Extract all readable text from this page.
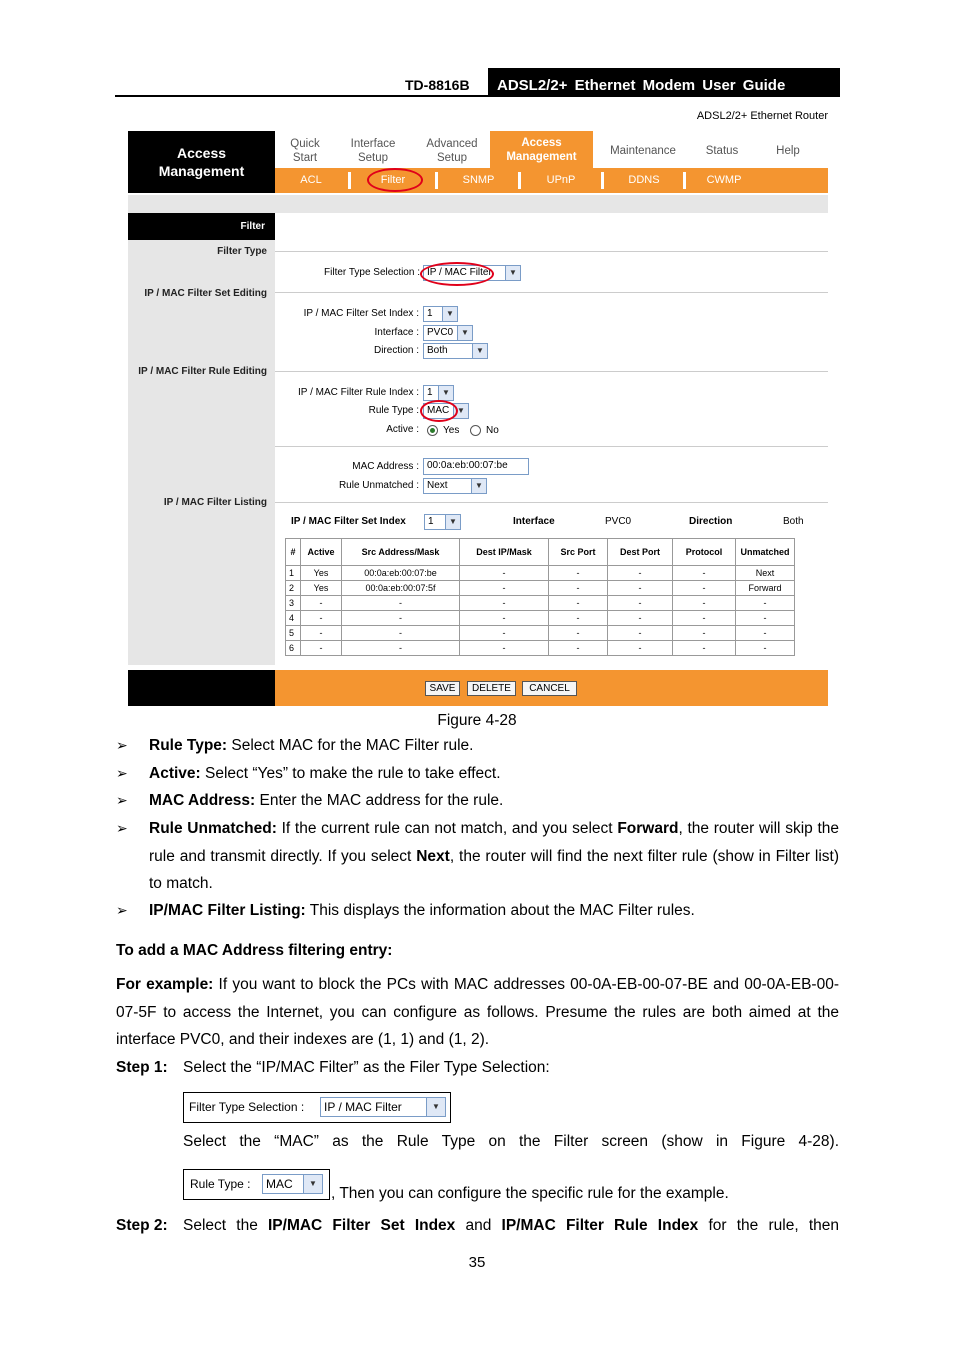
TD-8816B	ADSL2/2+ Ethernet Modem User Guide
ADSL2/2+ Ethernet Router
Access
Management
Quick
Start
Interface
Setup
Advanced
Setup
Access
Management	Maintenance	Status	Help
ACL	Filter	SNMP	UPnP	DDNS	CWMP
Filter
Filter Type
IP / MAC Filter Set Editing
IP / MAC Filter Rule Editing
IP / MAC Filter Listing
Filter Type Selection : IP / MAC Filter	▼
IP / MAC Filter Set Index : 1	▼
Interface : PVC0 ▼
Direction : Both	▼
IP / MAC Filter Rule Index : 1	▼
Rule Type : MAC ▼
Active : Yes	No
MAC Address : 00:0a:eb:00:07:be
Rule Unmatched : Next	▼
IP / MAC Filter Set Index	1	▼	Interface	PVC0	Direction	Both
#	Active	Src Address/Mask	Dest IP/Mask	Src Port	Dest Port	Protocol	Unmatched
1	Yes	00:0a:eb:00:07:be	-	-	-	-	Next
2	Yes	00:0a:eb:00:07:5f	-	-	-	-	Forward
3	-	-	-	-	-	-	-
4	-	-	-	-	-	-	-
5	-	-	-	-	-	-	-
6	-	-	-	-	-	-	-
SAVE	DELETE	CANCEL
Figure 4-28
➢ Rule Type: Select MAC for the MAC Filter rule.
➢ Active: Select “Yes” to make the rule to take effect.
➢ MAC Address: Enter the MAC address for the rule.
➢ Rule Unmatched: If the current rule can not match, and you select Forward, the router will skip the rule and transmit directly. If you select Next, the router will find the next filter rule (show in Filter list) to match.
➢ IP/MAC Filter Listing: This displays the information about the MAC Filter rules.
To add a MAC Address filtering entry:
For example: If you want to block the PCs with MAC addresses 00-0A-EB-00-07-BE and 00-0A-EB-00-07-5F to access the Internet, you can configure as follows. Presume the rules are both aimed at the interface PVC0, and their indexes are (1, 1) and (1, 2).
Step 1: Select the “IP/MAC Filter” as the Filer Type Selection:
Filter Type Selection :	IP / MAC Filter	▼
Select the “MAC” as the Rule Type on the Filter screen (show in Figure 4-28).
Rule Type :	MAC	▼
, Then you can configure the specific rule for the example.
Step 2: Select the IP/MAC Filter Set Index and IP/MAC Filter Rule Index for the rule, then
35
